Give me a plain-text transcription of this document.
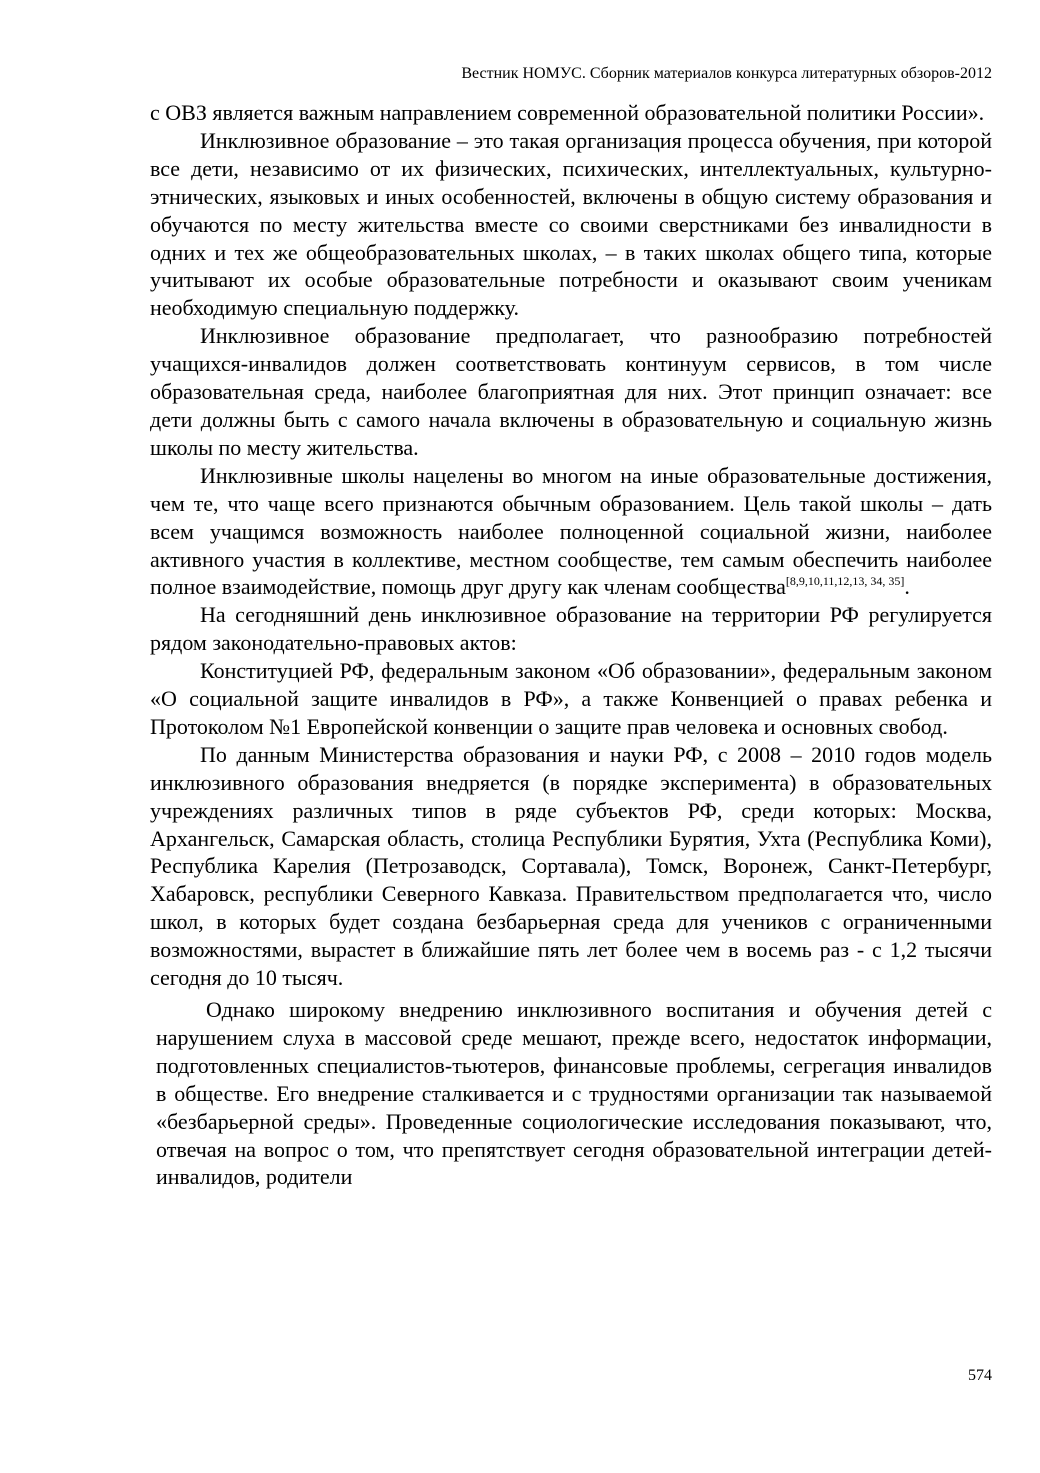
Вестник НОМУС. Сборник материалов конкурса литературных обзоров-2012

с ОВЗ является важным направлением современной образовательной политики России».

Инклюзивное образование – это такая организация процесса обучения, при которой все дети, независимо от их физических, психических, интеллектуальных, культурно-этнических, языковых и иных особенностей, включены в общую систему образования и обучаются по месту жительства вместе со своими сверстниками без инвалидности в одних и тех же общеобразовательных школах, – в таких школах общего типа, которые учитывают их особые образовательные потребности и оказывают своим ученикам необходимую специальную поддержку.

Инклюзивное образование предполагает, что разнообразию потребностей учащихся-инвалидов должен соответствовать континуум сервисов, в том числе образовательная среда, наиболее благоприятная для них. Этот принцип означает: все дети должны быть с самого начала включены в образовательную и социальную жизнь школы по месту жительства.

Инклюзивные школы нацелены во многом на иные образовательные достижения, чем те, что чаще всего признаются обычным образованием. Цель такой школы – дать всем учащимся возможность наиболее полноценной социальной жизни, наиболее активного участия в коллективе, местном сообществе, тем самым обеспечить наиболее полное взаимодействие, помощь друг другу как членам сообщества[8,9,10,11,12,13, 34, 35].

На сегодняшний день инклюзивное образование на территории РФ регулируется рядом законодательно-правовых актов:

Конституцией РФ, федеральным законом «Об образовании», федеральным законом «О социальной защите инвалидов в РФ», а также Конвенцией о правах ребенка и Протоколом №1 Европейской конвенции о защите прав человека и основных свобод.

По данным Министерства образования и науки РФ, с 2008 – 2010 годов модель инклюзивного образования внедряется (в порядке эксперимента) в образовательных учреждениях различных типов в ряде субъектов РФ, среди которых: Москва, Архангельск, Самарская область, столица Республики Бурятия, Ухта (Республика Коми), Республика Карелия (Петрозаводск, Сортавала), Томск, Воронеж, Санкт-Петербург, Хабаровск, республики Северного Кавказа. Правительством предполагается что, число школ, в которых будет создана безбарьерная среда для учеников с ограниченными возможностями, вырастет в ближайшие пять лет более чем в восемь раз - с 1,2 тысячи сегодня до 10 тысяч.

Однако широкому внедрению инклюзивного воспитания и обучения детей с нарушением слуха в массовой среде мешают, прежде всего, недостаток информации, подготовленных специалистов-тьютеров, финансовые проблемы, сегрегация инвалидов в обществе. Его внедрение сталкивается и с трудностями организации так называемой «безбарьерной среды». Проведенные социологические исследования показывают, что, отвечая на вопрос о том, что препятствует сегодня образовательной интеграции детей-инвалидов, родители

574
